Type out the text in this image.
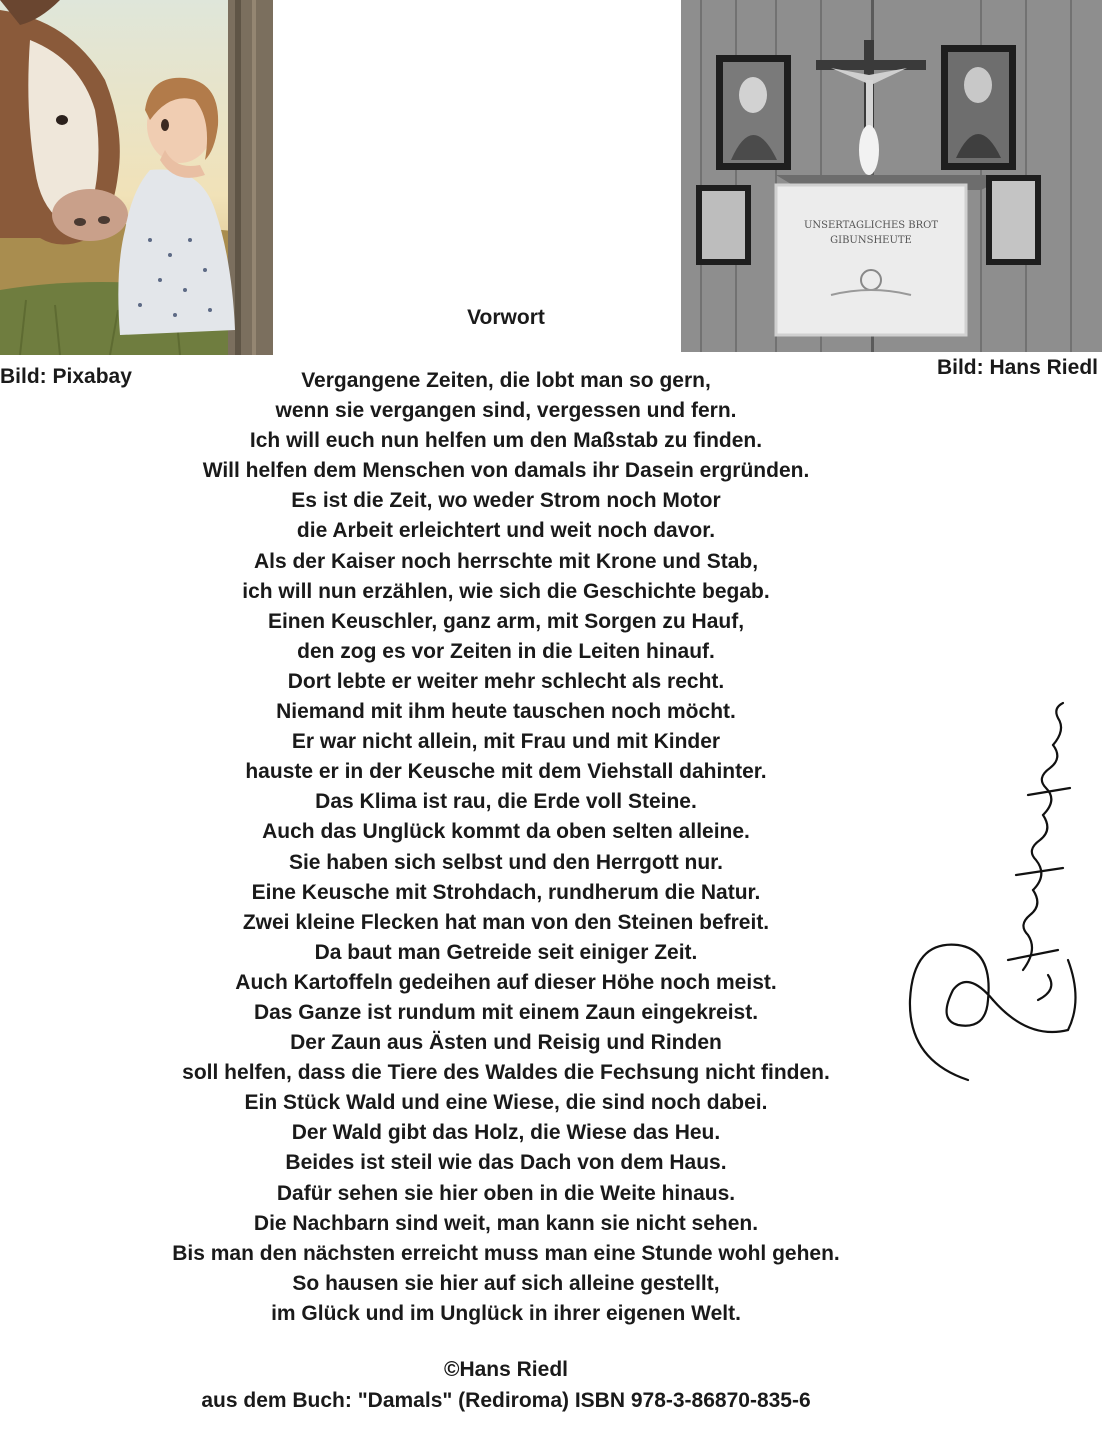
Bild: Pixabay
UNSERTAGLICHES BROT
GIBUNSHEUTE
Bild: Hans Riedl
Vorwort
Vergangene Zeiten, die lobt man so gern,
wenn sie vergangen sind, vergessen und fern.
Ich will euch nun helfen um den Maßstab zu finden.
Will helfen dem Menschen von damals ihr Dasein ergründen.
Es ist die Zeit, wo weder Strom noch Motor
die Arbeit erleichtert und weit noch davor.
Als der Kaiser noch herrschte mit Krone und Stab,
ich will nun erzählen, wie sich die Geschichte begab.
Einen Keuschler, ganz arm, mit Sorgen zu Hauf,
den zog es vor Zeiten in die Leiten hinauf.
Dort lebte er weiter mehr schlecht als recht.
Niemand mit ihm heute tauschen noch möcht.
Er war nicht allein, mit Frau und mit Kinder
hauste er in der Keusche mit dem Viehstall dahinter.
Das Klima ist rau, die Erde voll Steine.
Auch das Unglück kommt da oben selten alleine.
Sie haben sich selbst und den Herrgott nur.
Eine Keusche mit Strohdach, rundherum die Natur.
Zwei kleine Flecken hat man von den Steinen befreit.
Da baut man Getreide seit einiger Zeit.
Auch Kartoffeln gedeihen auf dieser Höhe noch meist.
Das Ganze ist rundum mit einem Zaun eingekreist.
Der Zaun aus Ästen und Reisig und Rinden
soll helfen, dass die Tiere des Waldes die Fechsung nicht finden.
Ein Stück Wald und eine Wiese, die sind noch dabei.
Der Wald gibt das Holz, die Wiese das Heu.
Beides ist steil wie das Dach von dem Haus.
Dafür sehen sie hier oben in die Weite hinaus.
Die Nachbarn sind weit, man kann sie nicht sehen.
Bis man den nächsten erreicht muss man eine Stunde wohl gehen.
So hausen sie hier auf sich alleine gestellt,
im Glück und im Unglück in ihrer eigenen Welt.
©Hans Riedl
aus dem Buch: "Damals" (Rediroma) ISBN 978-3-86870-835-6
